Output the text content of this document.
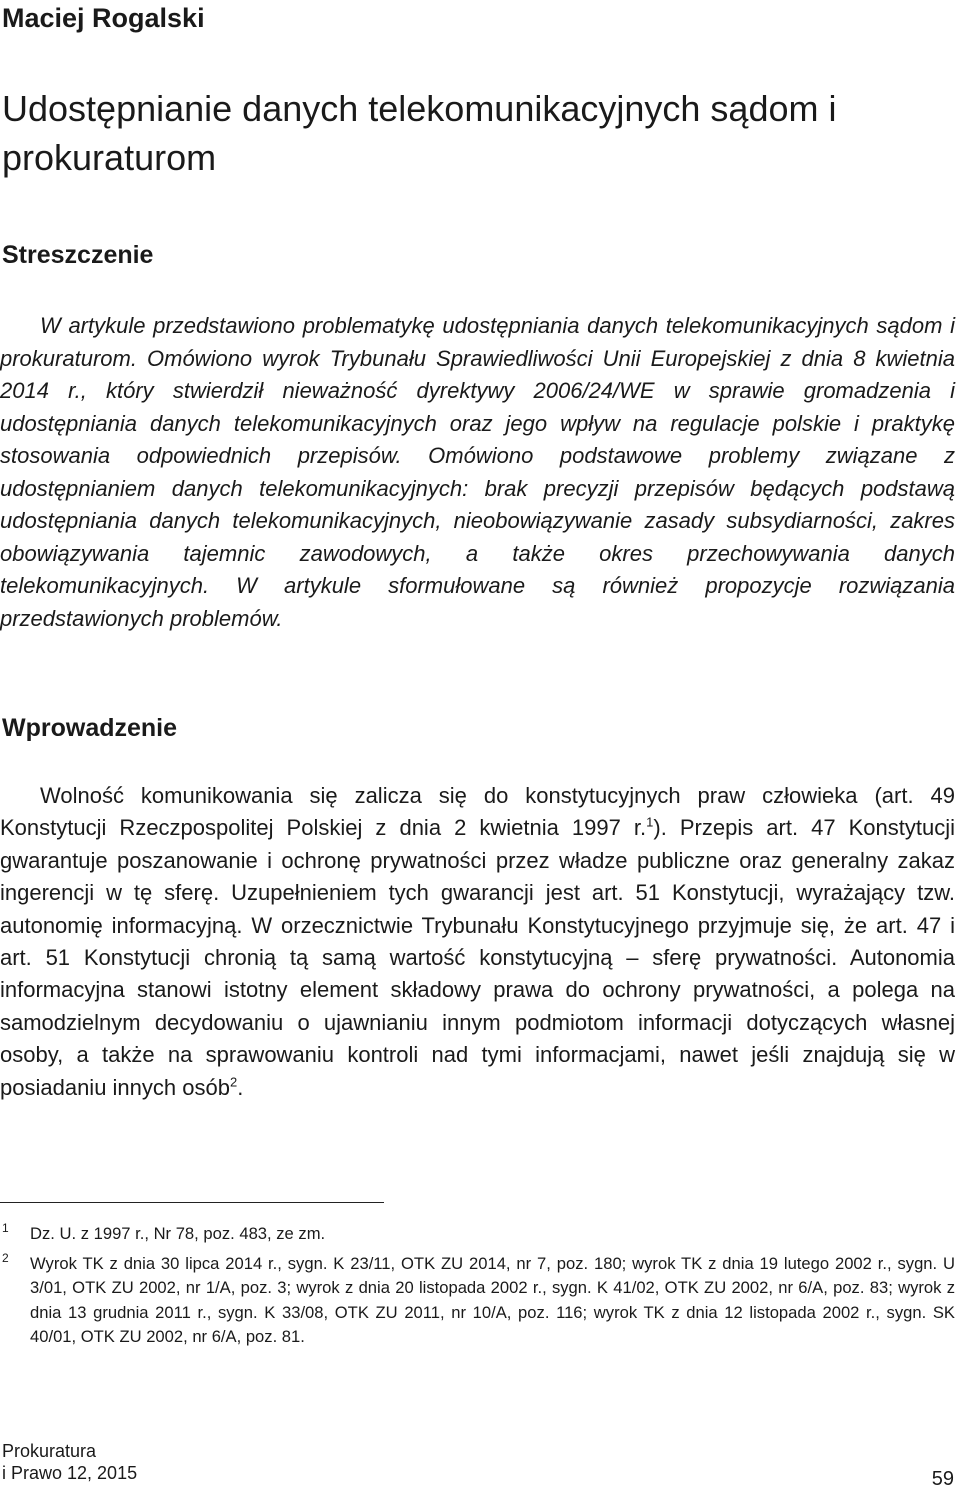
Maciej Rogalski
Udostępnianie danych telekomunikacyjnych sądom i prokuraturom
Streszczenie
W artykule przedstawiono problematykę udostępniania danych telekomunikacyjnych sądom i prokuraturom. Omówiono wyrok Trybunału Sprawiedliwości Unii Europejskiej z dnia 8 kwietnia 2014 r., który stwierdził nieważność dyrektywy 2006/24/WE w sprawie gromadzenia i udostępniania danych telekomunikacyjnych oraz jego wpływ na regulacje polskie i praktykę stosowania odpowiednich przepisów. Omówiono podstawowe problemy związane z udostępnianiem danych telekomunikacyjnych: brak precyzji przepisów będących podstawą udostępniania danych telekomunikacyjnych, nieobowiązywanie zasady subsydiarności, zakres obowiązywania tajemnic zawodowych, a także okres przechowywania danych telekomunikacyjnych. W artykule sformułowane są również propozycje rozwiązania przedstawionych problemów.
Wprowadzenie
Wolność komunikowania się zalicza się do konstytucyjnych praw człowieka (art. 49 Konstytucji Rzeczpospolitej Polskiej z dnia 2 kwietnia 1997 r.$^1$). Przepis art. 47 Konstytucji gwarantuje poszanowanie i ochronę prywatności przez władze publiczne oraz generalny zakaz ingerencji w tę sferę. Uzupełnieniem tych gwarancji jest art. 51 Konstytucji, wyrażający tzw. autonomię informacyjną. W orzecznictwie Trybunału Konstytucyjnego przyjmuje się, że art. 47 i art. 51 Konstytucji chronią tą samą wartość konstytucyjną – sferę prywatności. Autonomia informacyjna stanowi istotny element składowy prawa do ochrony prywatności, a polega na samodzielnym decydowaniu o ujawnianiu innym podmiotom informacji dotyczących własnej osoby, a także na sprawowaniu kontroli nad tymi informacjami, nawet jeśli znajdują się w posiadaniu innych osób$^2$.
1 Dz. U. z 1997 r., Nr 78, poz. 483, ze zm.
2 Wyrok TK z dnia 30 lipca 2014 r., sygn. K 23/11, OTK ZU 2014, nr 7, poz. 180; wyrok TK z dnia 19 lutego 2002 r., sygn. U 3/01, OTK ZU 2002, nr 1/A, poz. 3; wyrok z dnia 20 listopada 2002 r., sygn. K 41/02, OTK ZU 2002, nr 6/A, poz. 83; wyrok z dnia 13 grudnia 2011 r., sygn. K 33/08, OTK ZU 2011, nr 10/A, poz. 116; wyrok TK z dnia 12 listopada 2002 r., sygn. SK 40/01, OTK ZU 2002, nr 6/A, poz. 81.
Prokuratura
i Prawo 12, 2015	59
